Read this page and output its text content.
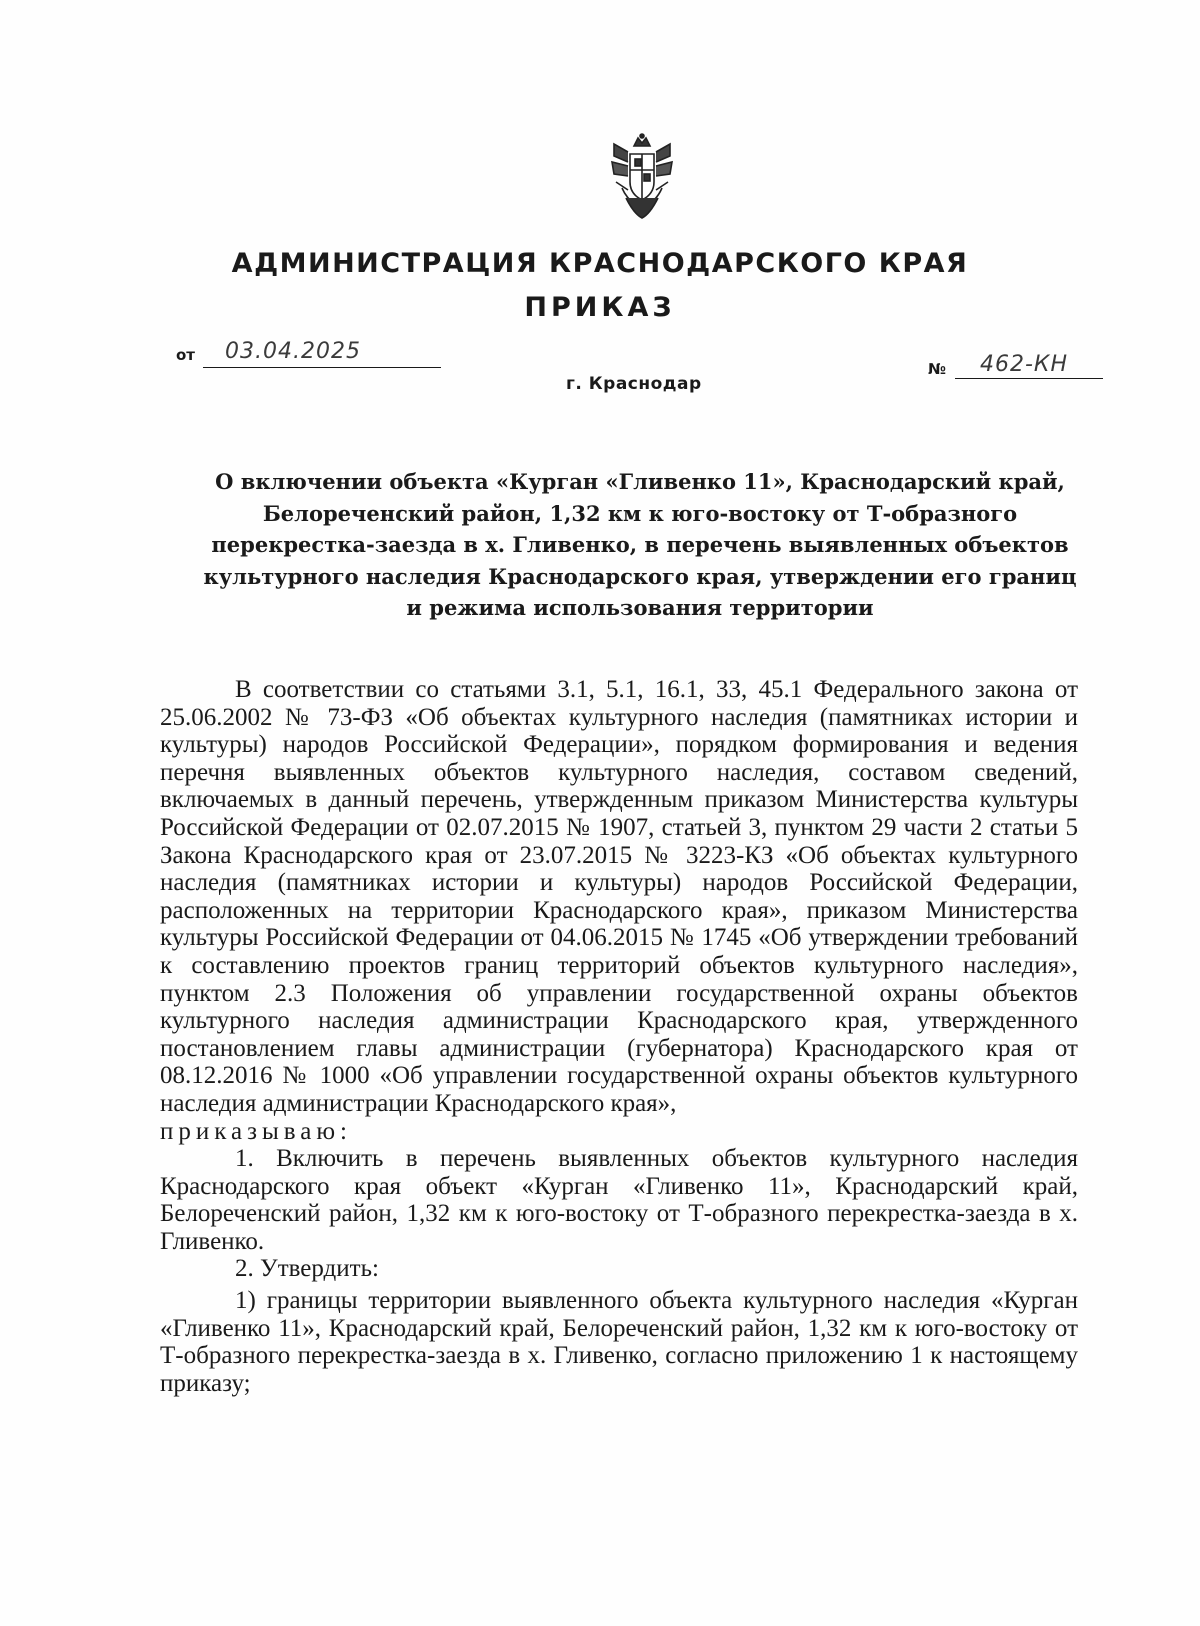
АДМИНИСТРАЦИЯ КРАСНОДАРСКОГО КРАЯ
ПРИКАЗ
от 03.04.2025
г. Краснодар
№ 462-КН
О включении объекта «Курган «Гливенко 11», Краснодарский край,
Белореченский район, 1,32 км к юго-востоку от Т-образного
перекрестка-заезда в х. Гливенко, в перечень выявленных объектов
культурного наследия Краснодарского края, утверждении его границ
и режима использования территории

В соответствии со статьями 3.1, 5.1, 16.1, 33, 45.1 Федерального закона от 25.06.2002 № 73-ФЗ «Об объектах культурного наследия (памятниках истории и культуры) народов Российской Федерации», порядком формирования и ведения перечня выявленных объектов культурного наследия, составом сведений, включаемых в данный перечень, утвержденным приказом Министерства культуры Российской Федерации от 02.07.2015 № 1907, статьей 3, пунктом 29 части 2 статьи 5 Закона Краснодарского края от 23.07.2015 № 3223-КЗ «Об объектах культурного наследия (памятниках истории и культуры) народов Российской Федерации, расположенных на территории Краснодарского края», приказом Министерства культуры Российской Федерации от 04.06.2015 № 1745 «Об утверждении требований к составлению проектов границ территорий объектов культурного наследия», пунктом 2.3 Положения об управлении государственной охраны объектов культурного наследия администрации Краснодарского края, утвержденного постановлением главы администрации (губернатора) Краснодарского края от 08.12.2016 № 1000 «Об управлении государственной охраны объектов культурного наследия администрации Краснодарского края»,

приказываю:

1. Включить в перечень выявленных объектов культурного наследия Краснодарского края объект «Курган «Гливенко 11», Краснодарский край, Белореченский район, 1,32 км к юго-востоку от Т-образного перекрестка-заезда в х. Гливенко.

2. Утвердить:

1) границы территории выявленного объекта культурного наследия «Курган «Гливенко 11», Краснодарский край, Белореченский район, 1,32 км к юго-востоку от Т-образного перекрестка-заезда в х. Гливенко, согласно приложению 1 к настоящему приказу;
